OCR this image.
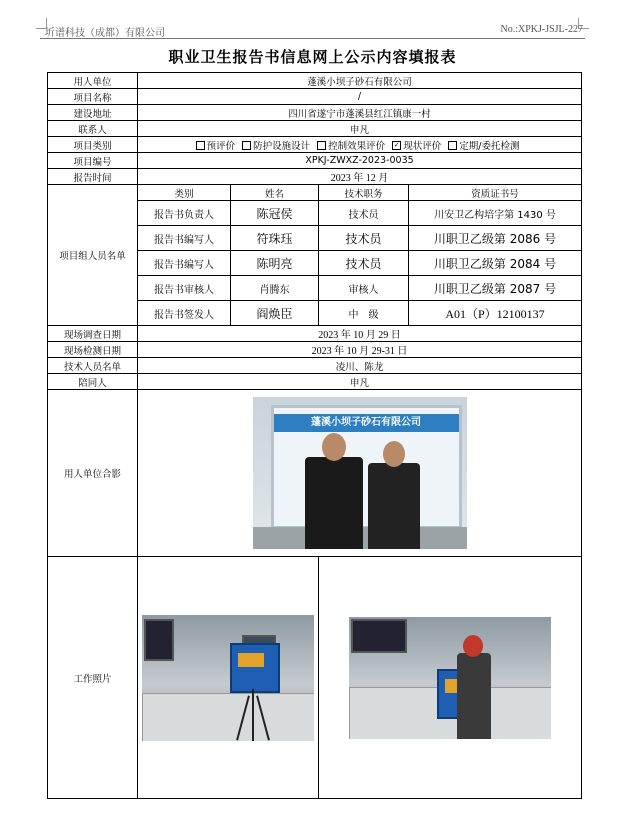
圻谱科技（成都）有限公司	No.:XPKJ-JSJL-227
职业卫生报告书信息网上公示内容填报表
用人单位	蓬溪小坝子砂石有限公司			
项目名称	/			
建设地址	四川省遂宁市蓬溪县红江镇康一村			
联系人	申凡			
项目类别	预评价 防护设施设计 控制效果评价 ✓ 现状评价 定期/委托检测			
项目编号	XPKJ-ZWXZ-2023-0035			
报告时间	2023 年 12 月			
项目组人员名单	类别	姓名	技术职务	资质证书号
	报告书负责人	陈冠侯	技术员	川安卫乙构培字第 1430 号
	报告书编写人	符珠珏	技术员	川职卫乙级第 2086 号
	报告书编写人	陈明亮	技术员	川职卫乙级第 2084 号
	报告书审核人	肖腾东	审核人	川职卫乙级第 2087 号
	报告书签发人	阎焕臣	中　级	A01（P）12100137
现场调查日期	2023 年 10 月 29 日			
现场检测日期	2023 年 10 月 29-31 日			
技术人员名单	凌川、陈龙			
陪同人	申凡			
用人单位合影	蓬溪小坝子砂石有限公司			

工作照片			
